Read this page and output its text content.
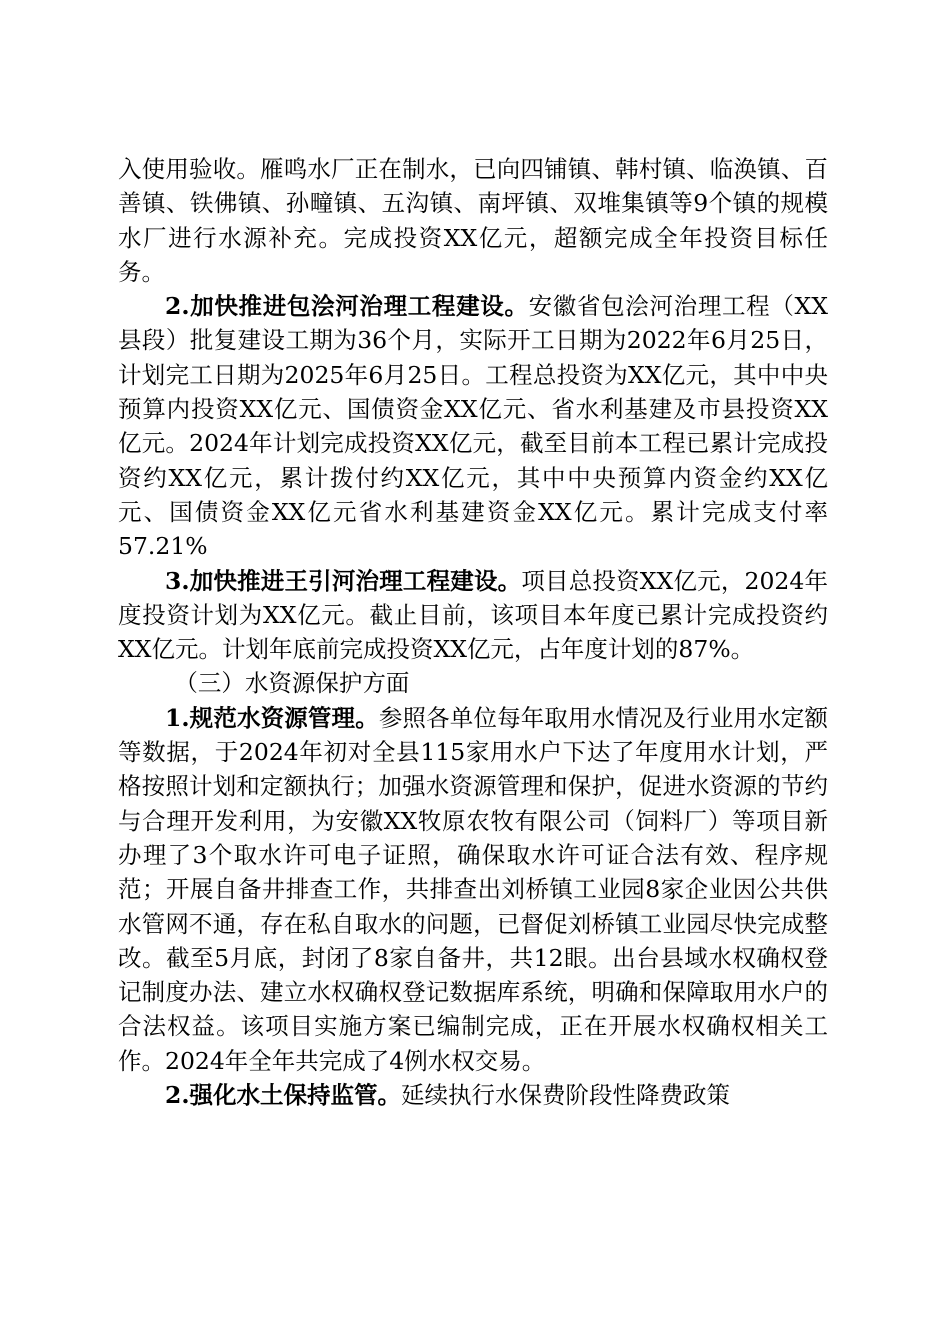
入使用验收。雁鸣水厂正在制水，已向四铺镇、韩村镇、临涣镇、百善镇、铁佛镇、孙疃镇、五沟镇、南坪镇、双堆集镇等9个镇的规模水厂进行水源补充。完成投资XX亿元，超额完成全年投资目标任务。

2.加快推进包浍河治理工程建设。安徽省包浍河治理工程（XX县段）批复建设工期为36个月，实际开工日期为2022年6月25日，计划完工日期为2025年6月25日。工程总投资为XX亿元，其中中央预算内投资XX亿元、国债资金XX亿元、省水利基建及市县投资XX亿元。2024年计划完成投资XX亿元，截至目前本工程已累计完成投资约XX亿元，累计拨付约XX亿元，其中中央预算内资金约XX亿元、国债资金XX亿元省水利基建资金XX亿元。累计完成支付率57.21%

3.加快推进王引河治理工程建设。项目总投资XX亿元，2024年度投资计划为XX亿元。截止目前，该项目本年度已累计完成投资约XX亿元。计划年底前完成投资XX亿元，占年度计划的87%。

（三）水资源保护方面

1.规范水资源管理。参照各单位每年取用水情况及行业用水定额等数据，于2024年初对全县115家用水户下达了年度用水计划，严格按照计划和定额执行；加强水资源管理和保护，促进水资源的节约与合理开发利用，为安徽XX牧原农牧有限公司（饲料厂）等项目新办理了3个取水许可电子证照，确保取水许可证合法有效、程序规范；开展自备井排查工作，共排查出刘桥镇工业园8家企业因公共供水管网不通，存在私自取水的问题，已督促刘桥镇工业园尽快完成整改。截至5月底，封闭了8家自备井，共12眼。出台县域水权确权登记制度办法、建立水权确权登记数据库系统，明确和保障取用水户的合法权益。该项目实施方案已编制完成，正在开展水权确权相关工作。2024年全年共完成了4例水权交易。

2.强化水土保持监管。延续执行水保费阶段性降费政策
